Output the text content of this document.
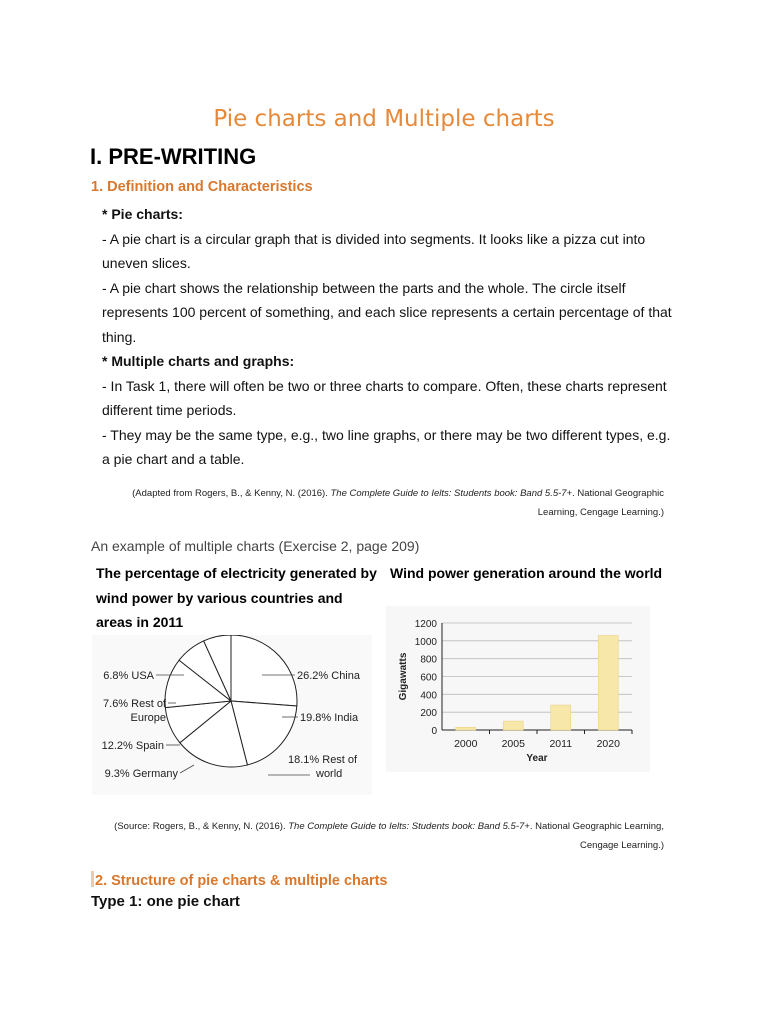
Pie charts and Multiple charts
I. PRE-WRITING
1. Definition and Characteristics

* Pie charts:

- A pie chart is a circular graph that is divided into segments. It looks like a pizza cut into

uneven slices.

- A pie chart shows the relationship between the parts and the whole. The circle itself

represents 100 percent of something, and each slice represents a certain percentage of that

thing.

* Multiple charts and graphs:

- In Task 1, there will often be two or three charts to compare. Often, these charts represent

different time periods.

- They may be the same type, e.g., two line graphs, or there may be two different types, e.g.

a pie chart and a table.

(Adapted from Rogers, B., & Kenny, N. (2016). The Complete Guide to Ielts: Students book: Band 5.5-7+. National Geographic
Learning, Cengage Learning.)
An example of multiple charts (Exercise 2, page 209)
The percentage of electricity generated by
wind power by various countries and
areas in 2011
Wind power generation around the world
26.2% China
19.8% India
18.1% Rest of world
9.3% Germany
12.2% Spain
7.6% Rest of Europe
6.8% USA
0
200
400
600
800
1000
1200
2000 2005 2011 2020
Year
Gigawatts
(Source: Rogers, B., & Kenny, N. (2016). The Complete Guide to Ielts: Students book: Band 5.5-7+. National Geographic Learning,
Cengage Learning.)
2. Structure of pie charts & multiple charts
Type 1: one pie chart
